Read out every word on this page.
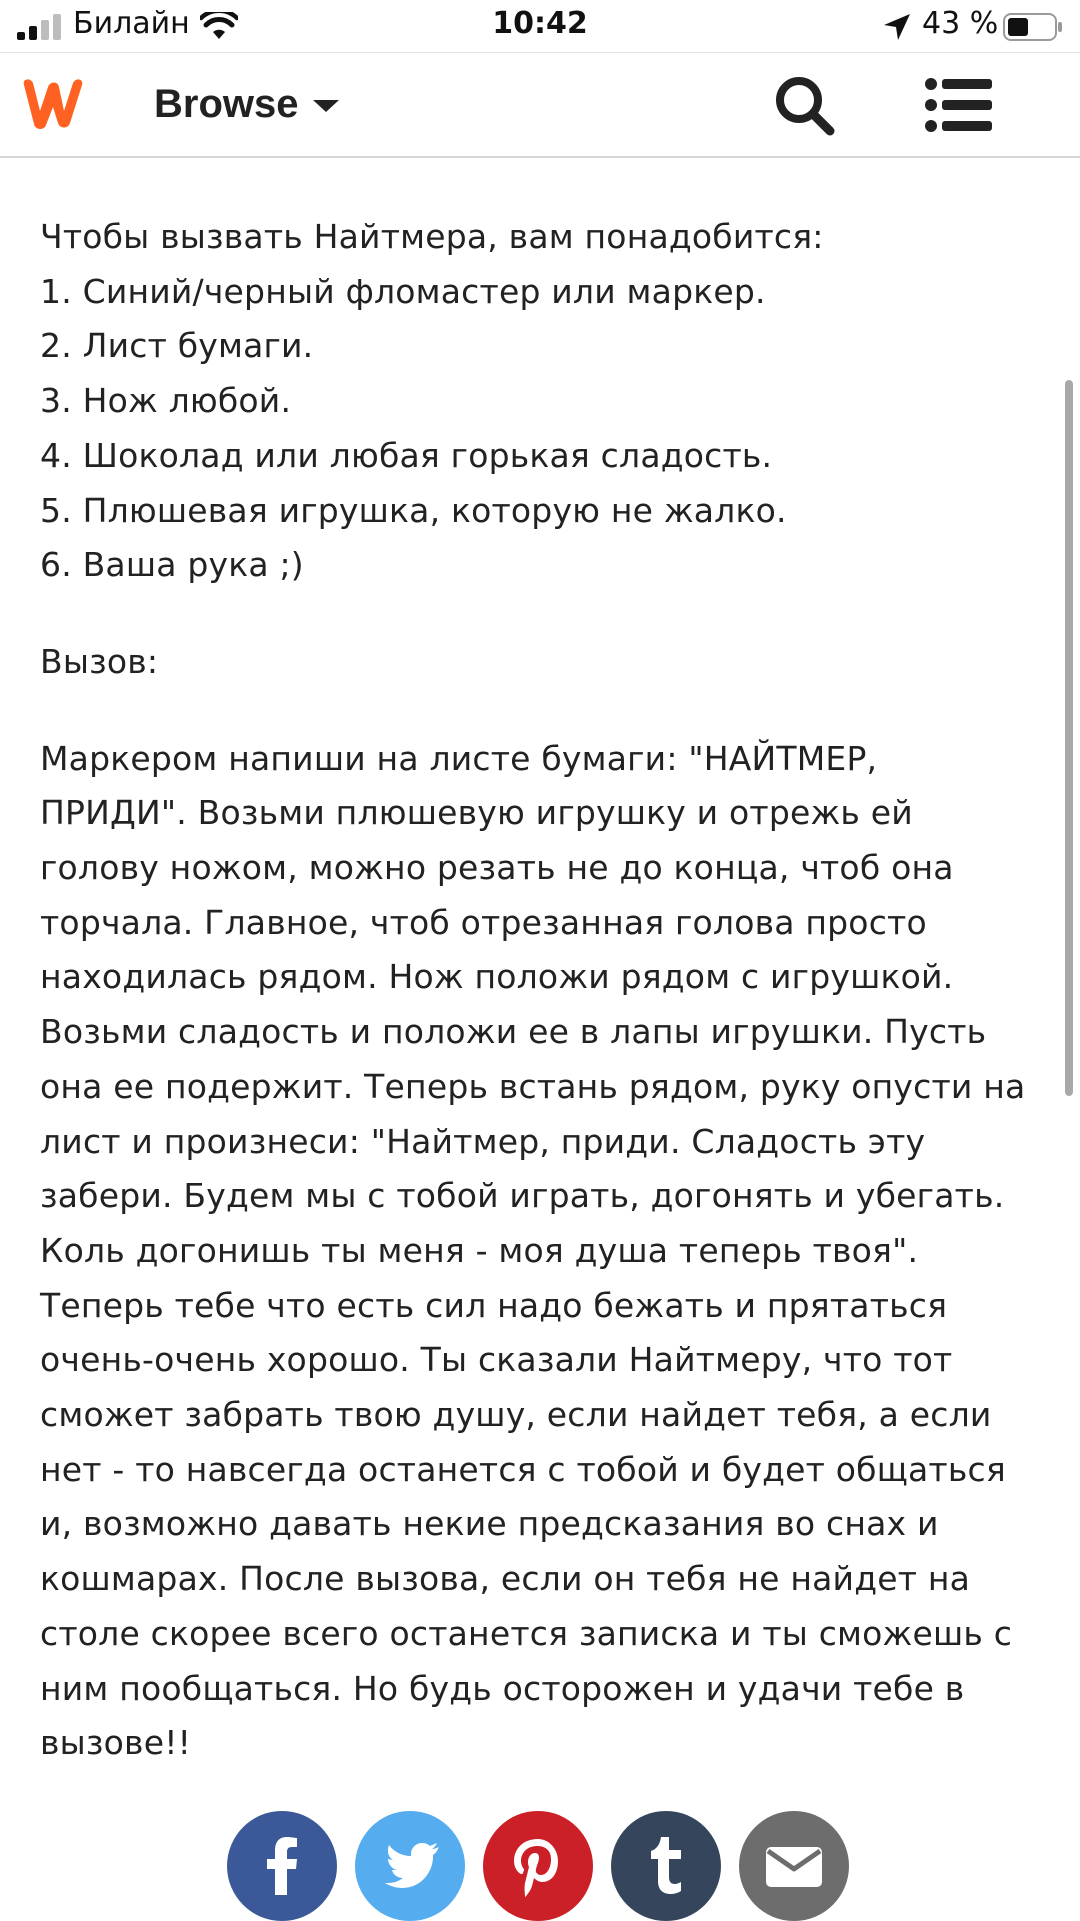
Билайн	10:42	43 %
Browse

Чтобы вызвать Найтмера, вам понадобится:

1. Синий/черный фломастер или маркер.

2. Лист бумаги.

3. Нож любой.

4. Шоколад или любая горькая сладость.

5. Плюшевая игрушка, которую не жалко.

6. Ваша рука ;)

Вызов:

Маркером напиши на листе бумаги: "НАЙТМЕР,

ПРИДИ". Возьми плюшевую игрушку и отрежь ей

голову ножом, можно резать не до конца, чтоб она

торчала. Главное, чтоб отрезанная голова просто

находилась рядом. Нож положи рядом с игрушкой.

Возьми сладость и положи ее в лапы игрушки. Пусть

она ее подержит. Теперь встань рядом, руку опусти на

лист и произнеси: "Найтмер, приди. Сладость эту

забери. Будем мы с тобой играть, догонять и убегать.

Коль догонишь ты меня - моя душа теперь твоя".

Теперь тебе что есть сил надо бежать и прятаться

очень-очень хорошо. Ты сказали Найтмеру, что тот

сможет забрать твою душу, если найдет тебя, а если

нет - то навсегда останется с тобой и будет общаться

и, возможно давать некие предсказания во снах и

кошмарах. После вызова, если он тебя не найдет на

столе скорее всего останется записка и ты сможешь с

ним пообщаться. Но будь осторожен и удачи тебе в

вызове!!
